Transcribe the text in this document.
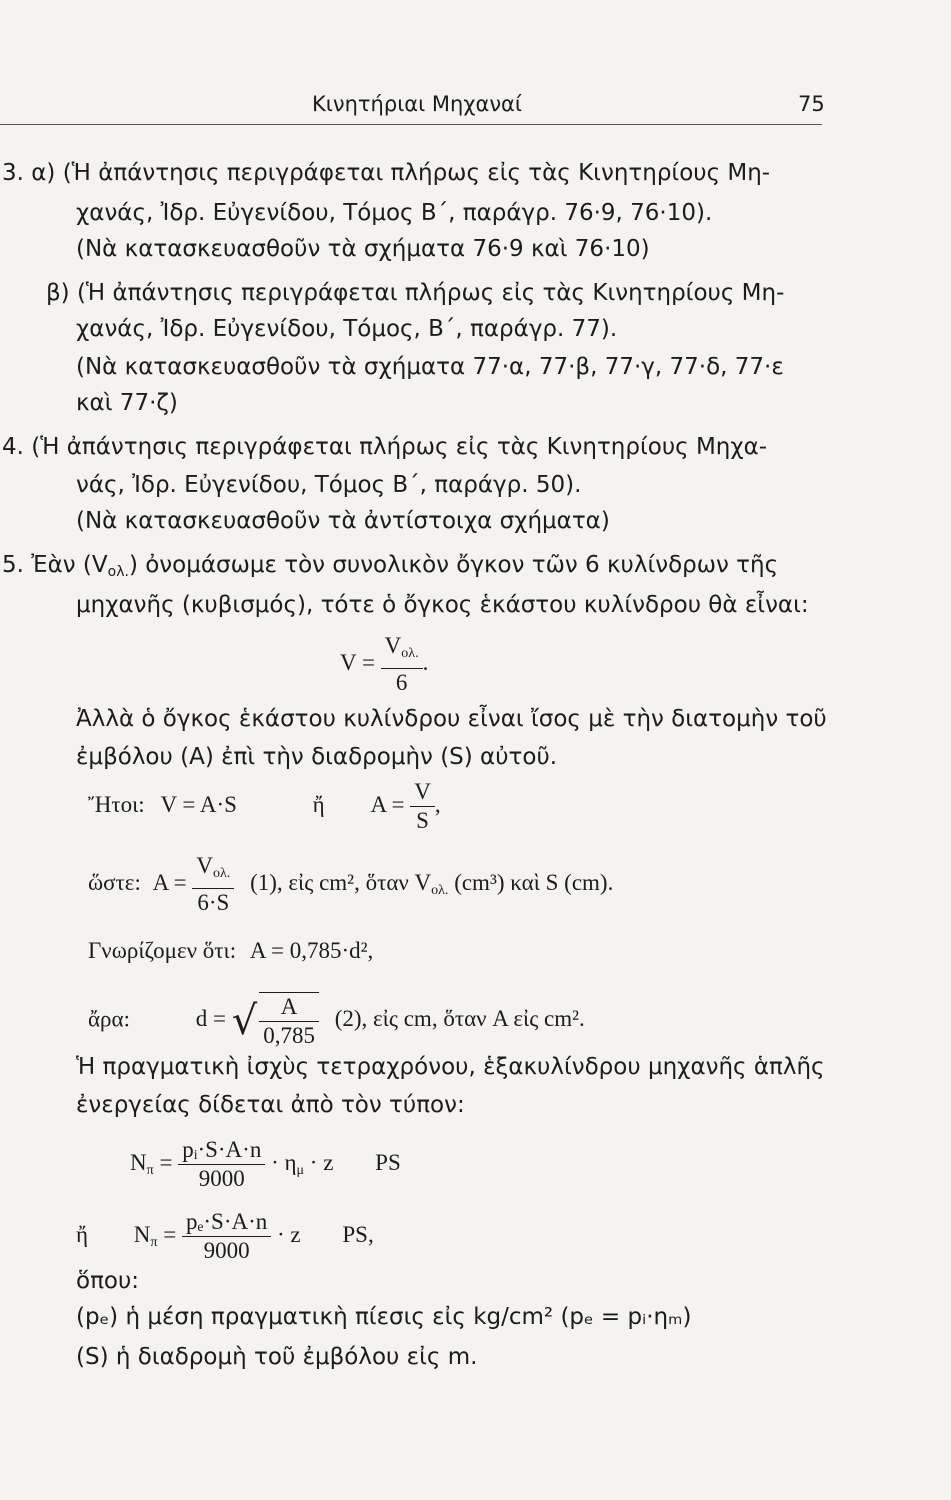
Κινητήριαι Μηχαναί	75
3. α) (Ἡ ἀπάντησις περιγράφεται πλήρως εἰς τὰς Κινητηρίους Μη-
χανάς, Ἰδρ. Εὐγενίδου, Τόμος Β΄, παράγρ. 76·9, 76·10).
(Νὰ κατασκευασθοῦν τὰ σχήματα 76·9 καὶ 76·10)
β) (Ἡ ἀπάντησις περιγράφεται πλήρως εἰς τὰς Κινητηρίους Μη-
χανάς, Ἰδρ. Εὐγενίδου, Τόμος, Β΄, παράγρ. 77).
(Νὰ κατασκευασθοῦν τὰ σχήματα 77·α, 77·β, 77·γ, 77·δ, 77·ε
καὶ 77·ζ)
4. (Ἡ ἀπάντησις περιγράφεται πλήρως εἰς τὰς Κινητηρίους Μηχα-
νάς, Ἰδρ. Εὐγενίδου, Τόμος Β΄, παράγρ. 50).
(Νὰ κατασκευασθοῦν τὰ ἀντίστοιχα σχήματα)
5. Ἐὰν $(V_{o\lambda.})$ ὀνομάσωμε τὸν συνολικὸν ὄγκον τῶν 6 κυλίνδρων τῆς
μηχανῆς (κυβισμός), τότε ὁ ὄγκος ἑκάστου κυλίνδρου θὰ εἶναι:
$V = \frac{V_{o\lambda.}}{6}$ .
Ἀλλὰ ὁ ὄγκος ἑκάστου κυλίνδρου εἶναι ἴσος μὲ τὴν διατομὴν τοῦ
ἐμβόλου (Α) ἐπὶ τὴν διαδρομὴν (S) αὐτοῦ.
Ἤτοι: V = A·S	ἤ $A = \frac{V}{S}$ ,
ὥστε: $A = \frac{V_{o\lambda.}}{6\cdot S} (1)$, εἰς cm², ὅταν $V_{o\lambda.}$ (cm³) καὶ S (cm).
Γνωρίζομεν ὅτι: A = 0,785·d²,
ἄρα:	d = √ $\frac{A}{0,785} (2)$, εἰς cm, ὅταν A εἰς cm².
Ἡ πραγματικὴ ἰσχὺς τετραχρόνου, ἑξακυλίνδρου μηχανῆς ἁπλῆς
ἐνεργείας δίδεται ἀπὸ τὸν τύπον:
$N_\pi = \frac{\text{pᵢ·S·A·n}}{9000} \cdot \eta_\mu \cdot z$ PS
ἤ $N_\pi = \frac{\text{pₑ·S·A·n}}{9000} \cdot z$ PS,
ὅπου:
(pₑ) ἡ μέση πραγματικὴ πίεσις εἰς kg/cm² (pₑ = pᵢ·ηₘ)
(S) ἡ διαδρομὴ τοῦ ἐμβόλου εἰς m.
